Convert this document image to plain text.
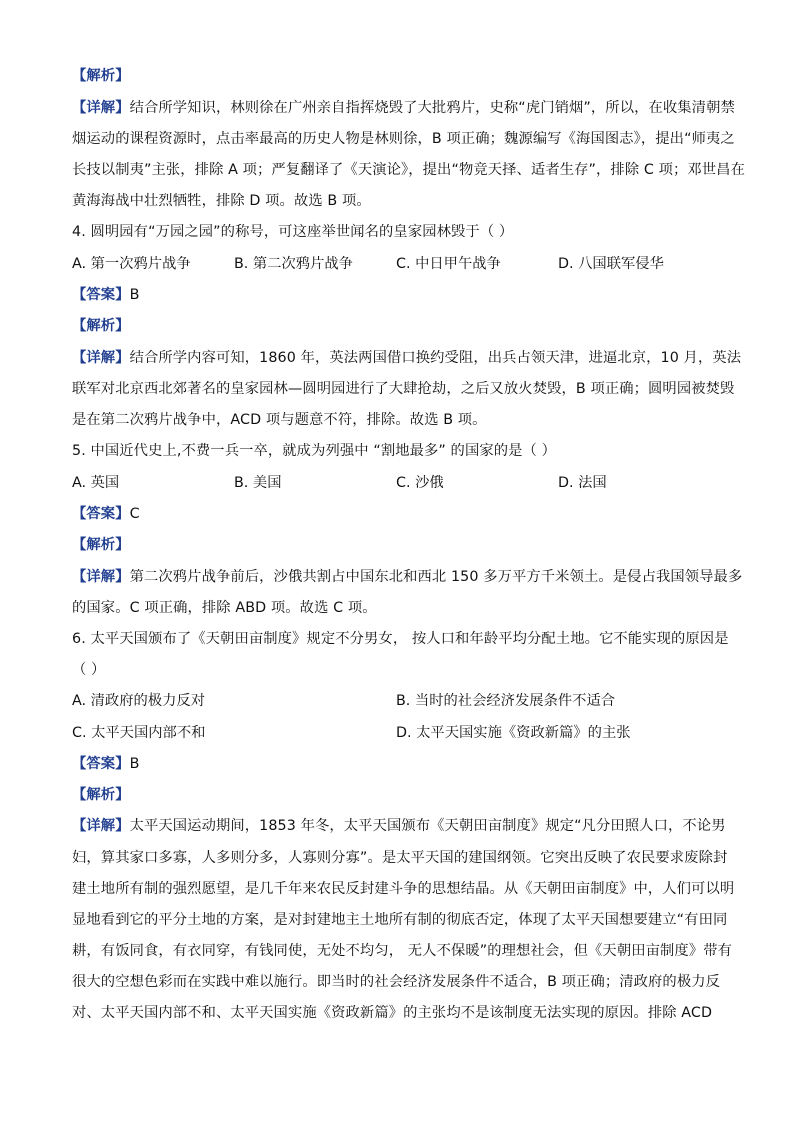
【解析】
【详解】结合所学知识，林则徐在广州亲自指挥烧毁了大批鸦片，史称“虎门销烟”，所以，在收集清朝禁
烟运动的课程资源时，点击率最高的历史人物是林则徐，B 项正确；魏源编写《海国图志》，提出“师夷之
长技以制夷”主张，排除 A 项；严复翻译了《天演论》，提出“物竞天择、适者生存”，排除 C 项；邓世昌在
黄海海战中壮烈牺牲，排除 D 项。故选 B 项。
4. 圆明园有“万园之园”的称号，可这座举世闻名的皇家园林毁于（ ）
A. 第一次鸦片战争	B. 第二次鸦片战争	C. 中日甲午战争	D. 八国联军侵华
【答案】B
【解析】
【详解】结合所学内容可知，1860 年，英法两国借口换约受阻，出兵占领天津，进逼北京，10 月，英法
联军对北京西北郊著名的皇家园林—圆明园进行了大肆抢劫，之后又放火焚毁，B 项正确；圆明园被焚毁
是在第二次鸦片战争中，ACD 项与题意不符，排除。故选 B 项。
5. 中国近代史上,不费一兵一卒，就成为列强中 “割地最多” 的国家的是（ ）
A. 英国	B. 美国	C. 沙俄	D. 法国
【答案】C
【解析】
【详解】第二次鸦片战争前后，沙俄共割占中国东北和西北 150 多万平方千米领土。是侵占我国领导最多
的国家。C 项正确，排除 ABD 项。故选 C 项。
6. 太平天国颁布了《天朝田亩制度》规定不分男女， 按人口和年龄平均分配土地。它不能实现的原因是
（ ）
A. 清政府的极力反对	B. 当时的社会经济发展条件不适合
C. 太平天国内部不和	D. 太平天国实施《资政新篇》的主张
【答案】B
【解析】
【详解】太平天国运动期间，1853 年冬，太平天国颁布《天朝田亩制度》规定“凡分田照人口，不论男
妇，算其家口多寡，人多则分多，人寡则分寡”。是太平天国的建国纲领。它突出反映了农民要求废除封
建土地所有制的强烈愿望，是几千年来农民反封建斗争的思想结晶。从《天朝田亩制度》中，人们可以明
显地看到它的平分土地的方案，是对封建地主土地所有制的彻底否定，体现了太平天国想要建立“有田同
耕，有饭同食，有衣同穿，有钱同使，无处不均匀， 无人不保暖”的理想社会，但《天朝田亩制度》带有
很大的空想色彩而在实践中难以施行。即当时的社会经济发展条件不适合，B 项正确；清政府的极力反
对、太平天国内部不和、太平天国实施《资政新篇》的主张均不是该制度无法实现的原因。排除 ACD
